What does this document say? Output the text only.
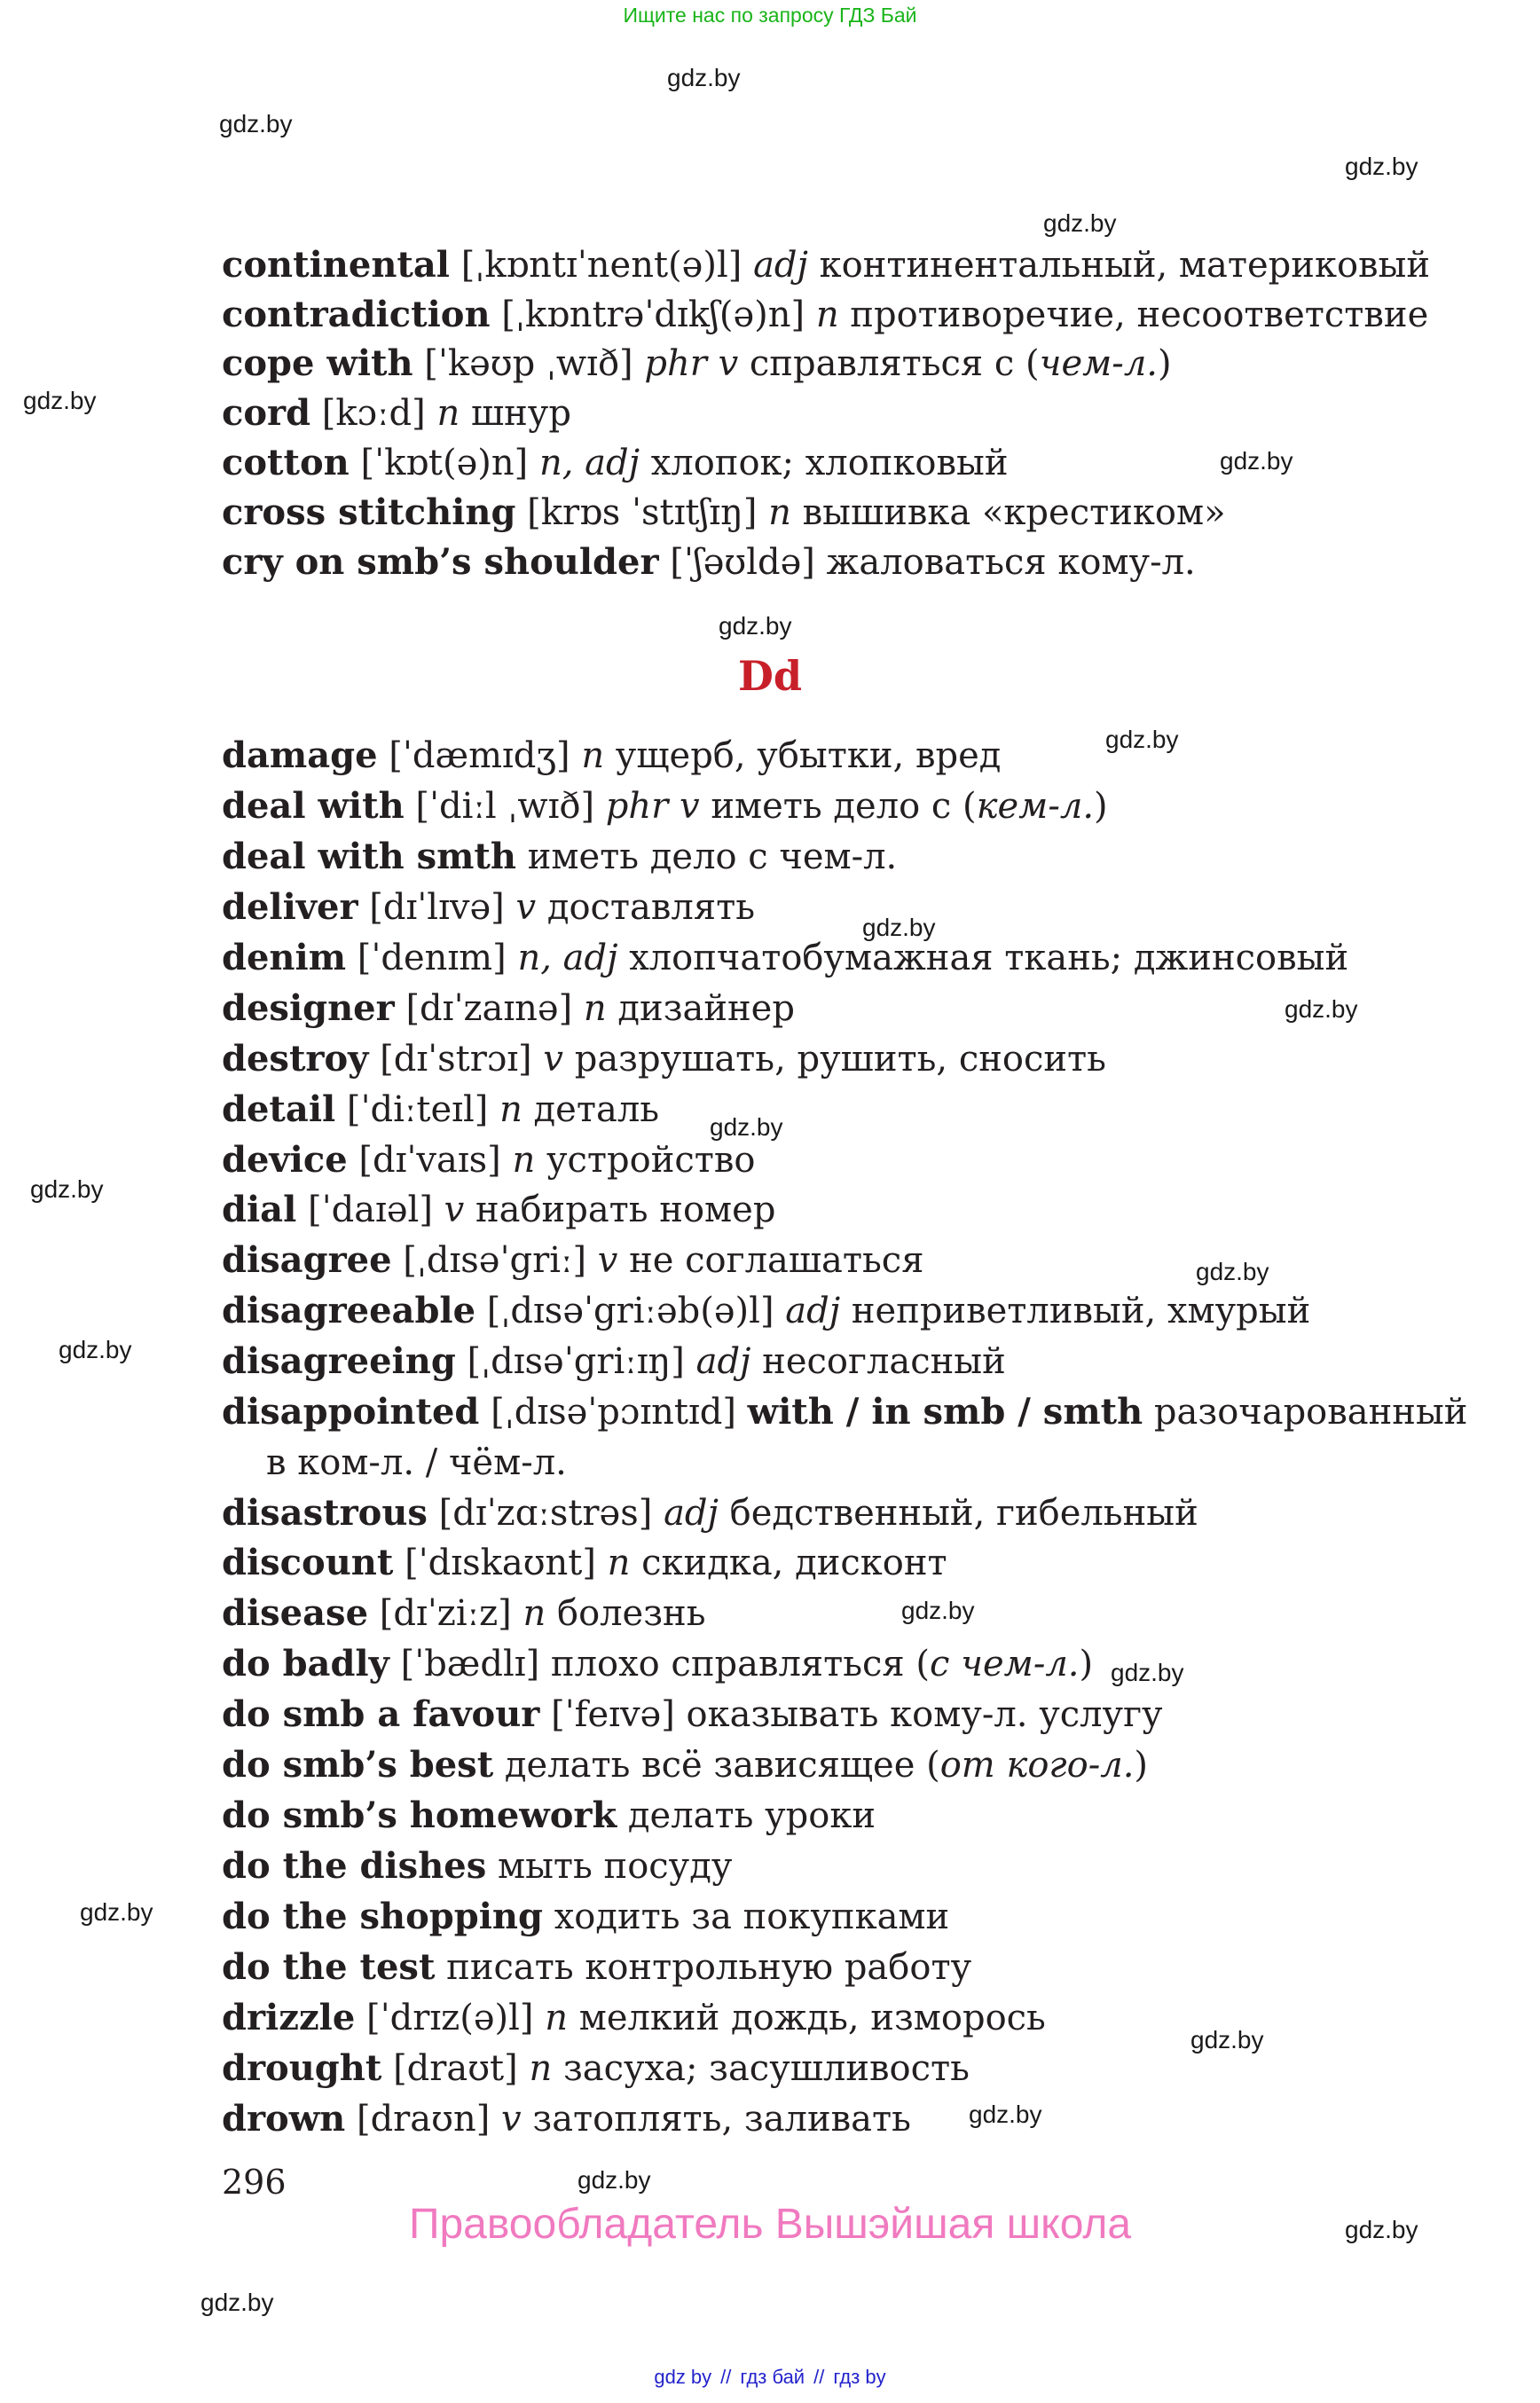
Ищите нас по запросу ГДЗ Бай
gdz.by
gdz.by
gdz.by
gdz.by
gdz.by
gdz.by
gdz.by
gdz.by
gdz.by
gdz.by
gdz.by
gdz.by
gdz.by
gdz.by
gdz.by
gdz.by
gdz.by
gdz.by
gdz.by
gdz.by
gdz.by
gdz.by
continental [ˌkɒntɪˈnent(ə)l] adj континентальный, материковый
contradiction [ˌkɒntrəˈdɪkʃ(ə)n] n противоречие, несоответствие
cope with [ˈkəʊp ˌwɪð] phr v справляться с (чем-л.)
cord [kɔːd] n шнур
cotton [ˈkɒt(ə)n] n, adj хлопок; хлопковый
cross stitching [krɒs ˈstɪtʃɪŋ] n вышивка «крестиком»
cry on smb’s shoulder [ˈʃəʊldə] жаловаться кому-л.
Dd
damage [ˈdæmɪdʒ] n ущерб, убытки, вред
deal with [ˈdiːl ˌwɪð] phr v иметь дело с (кем-л.)
deal with smth иметь дело с чем-л.
deliver [dɪˈlɪvə] v доставлять
denim [ˈdenɪm] n, adj хлопчатобумажная ткань; джинсовый
designer [dɪˈzaɪnə] n дизайнер
destroy [dɪˈstrɔɪ] v разрушать, рушить, сносить
detail [ˈdiːteɪl] n деталь
device [dɪˈvaɪs] n устройство
dial [ˈdaɪəl] v набирать номер
disagree [ˌdɪsəˈgriː] v не соглашаться
disagreeable [ˌdɪsəˈgriːəb(ə)l] adj неприветливый, хмурый
disagreeing [ˌdɪsəˈgriːɪŋ] adj несогласный
disappointed [ˌdɪsəˈpɔɪntɪd] with / in smb / smth разочарованный
в ком-л. / чём-л.
disastrous [dɪˈzɑːstrəs] adj бедственный, гибельный
discount [ˈdɪskaʊnt] n скидка, дисконт
disease [dɪˈziːz] n болезнь
do badly [ˈbædlɪ] плохо справляться (с чем-л.)
do smb a favour [ˈfeɪvə] оказывать кому-л. услугу
do smb’s best делать всё зависящее (от кого-л.)
do smb’s homework делать уроки
do the dishes мыть посуду
do the shopping ходить за покупками
do the test писать контрольную работу
drizzle [ˈdrɪz(ə)l] n мелкий дождь, изморось
drought [draʊt] n засуха; засушливость
drown [draʊn] v затоплять, заливать
296
Правообладатель Вышэйшая школа
gdz by // гдз бай // гдз by
